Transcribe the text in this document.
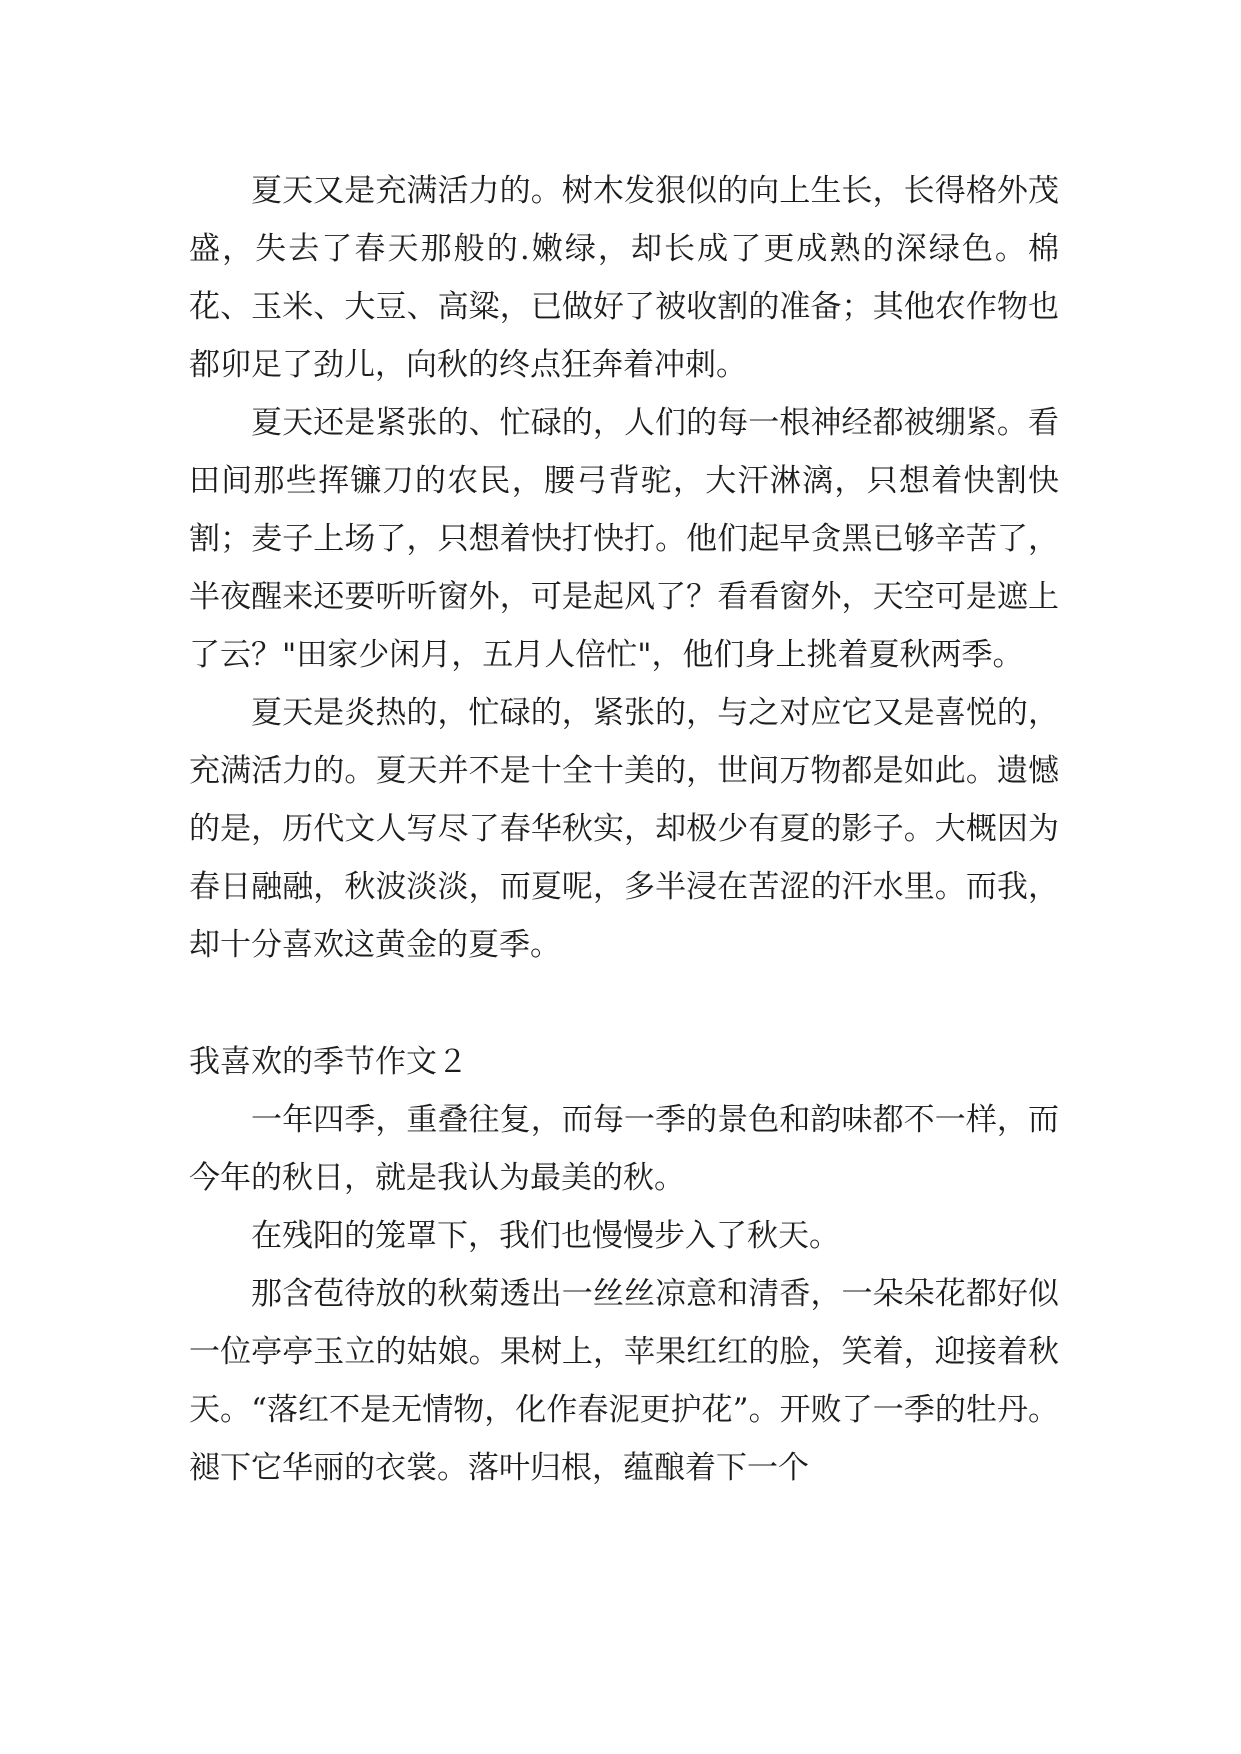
夏天又是充满活力的。树木发狠似的向上生长，长得格外茂盛，失去了春天那般的.嫩绿，却长成了更成熟的深绿色。棉花、玉米、大豆、高粱，已做好了被收割的准备；其他农作物也都卯足了劲儿，向秋的终点狂奔着冲刺。

夏天还是紧张的、忙碌的，人们的每一根神经都被绷紧。看田间那些挥镰刀的农民，腰弓背驼，大汗淋漓，只想着快割快割；麦子上场了，只想着快打快打。他们起早贪黑已够辛苦了，半夜醒来还要听听窗外，可是起风了？看看窗外，天空可是遮上了云？"田家少闲月，五月人倍忙"，他们身上挑着夏秋两季。

夏天是炎热的，忙碌的，紧张的，与之对应它又是喜悦的，充满活力的。夏天并不是十全十美的，世间万物都是如此。遗憾的是，历代文人写尽了春华秋实，却极少有夏的影子。大概因为春日融融，秋波淡淡，而夏呢，多半浸在苦涩的汗水里。而我，却十分喜欢这黄金的夏季。

我喜欢的季节作文２

一年四季，重叠往复，而每一季的景色和韵味都不一样，而今年的秋日，就是我认为最美的秋。

在残阳的笼罩下，我们也慢慢步入了秋天。

那含苞待放的秋菊透出一丝丝凉意和清香，一朵朵花都好似一位亭亭玉立的姑娘。果树上，苹果红红的脸，笑着，迎接着秋天。“落红不是无情物，化作春泥更护花”。开败了一季的牡丹。褪下它华丽的衣裳。落叶归根，蕴酿着下一个
